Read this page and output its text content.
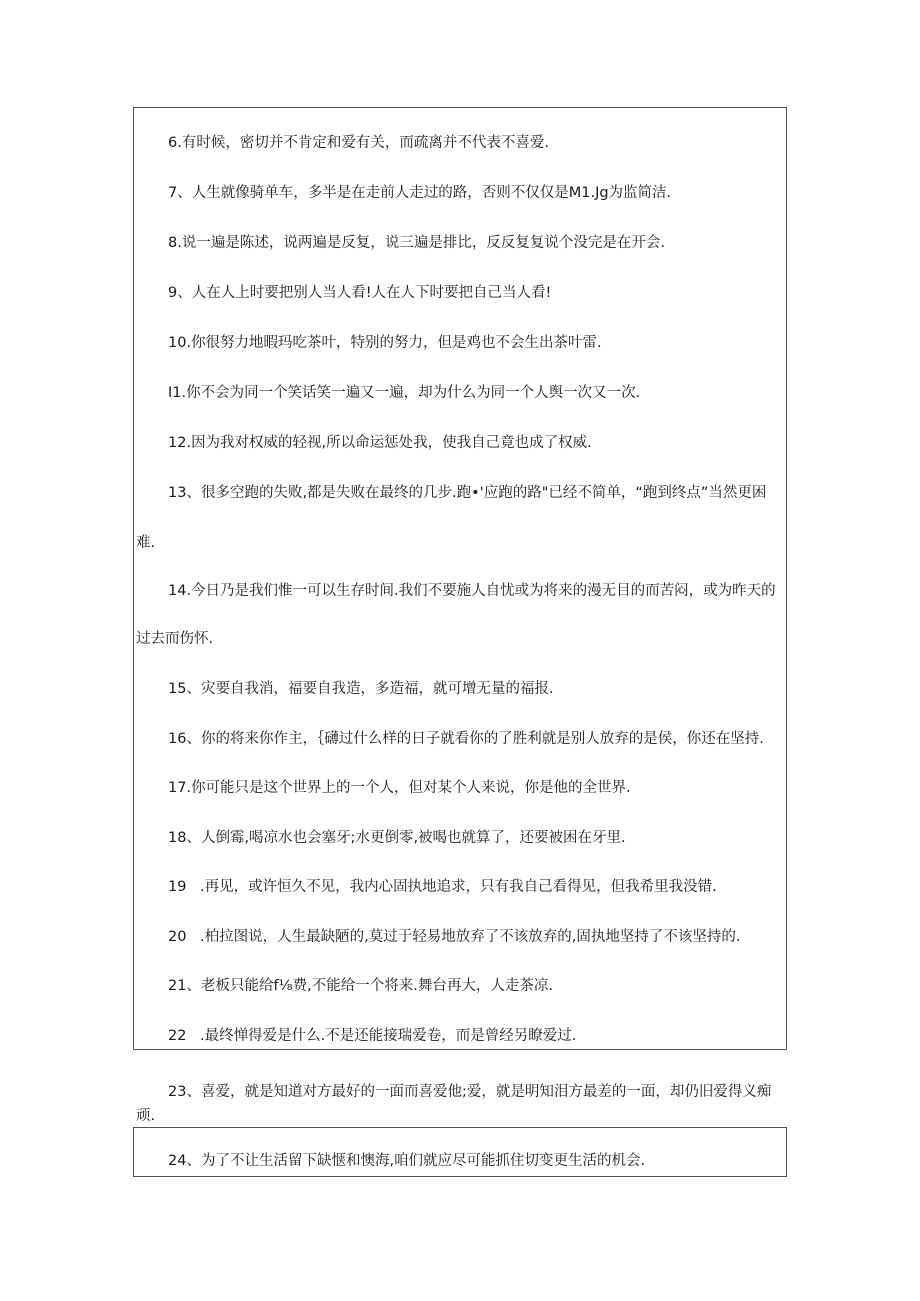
6.有时候，密切并不肯定和爱有关，而疏离并不代表不喜爱.

7、人生就像骑单车，多半是在走前人走过的路，否则不仅仅是M1.Jg为监简洁.

8.说一遍是陈述，说两遍是反复，说三遍是排比，反反复复说个没完是在开会.

9、人在人上时要把别人当人看!人在人下时要把自己当人看!

10.你很努力地暇玛吃茶叶，特别的努力，但是鸡也不会生出茶叶雷.

I1.你不会为同一个笑话笑一遍又一遍，却为什么为同一个人舆一次又一次.

12.因为我对权威的轻视,所以命运惩处我，使我自己竟也成了权威.

13、很多空跑的失败,都是失败在最终的几步.跑•'应跑的路"已经不简单，“跑到终点”当然更困

难.

14.今日乃是我们惟一可以生存时间.我们不要施人自忧或为将来的漫无目的而苦闷，或为昨天的

过去而伤怀.

15、灾要自我消，福要自我造，多造福，就可增无量的福报.

16、你的将来你作主，｛礴过什么样的日子就看你的了胜利就是别人放弃的是侯，你还在坚持.

17.你可能只是这个世界上的一个人，但对某个人来说，你是他的全世界.

18、人倒霉,喝凉水也会塞牙;水更倒零,被喝也就算了，还要被困在牙里.

19 .再见，或许恒久不见，我内心固执地追求，只有我自己看得见，但我希里我没错.

20 .柏拉图说，人生最缺陋的,莫过于轻易地放弃了不该放弃的,固执地坚持了不该坚持的.

21、老板只能给f⅛费,不能给一个将来.舞台再大，人走茶凉.

22 .最终惮得爱是什么.不是还能接瑞爱卷，而是曾经另瞭爱过.

23、喜爱，就是知道对方最好的一面而喜爱他;爱，就是明知泪方最差的一面，却仍旧爱得义痴

顽.

24、为了不让生活留下缺惬和懊海,咱们就应尽可能抓住切变更生活的机会.
